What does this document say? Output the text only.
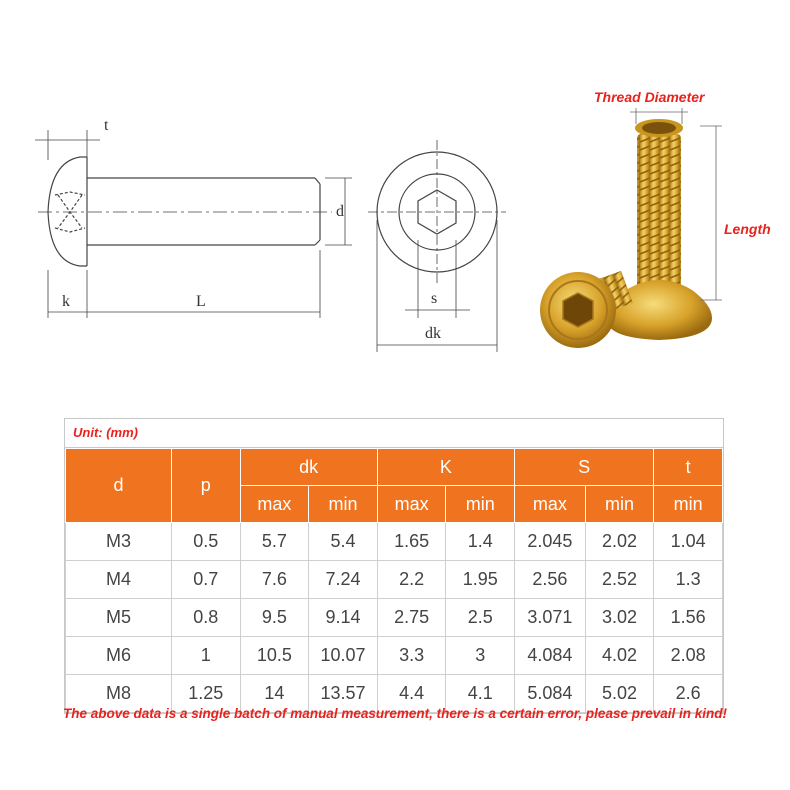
t
d
k	L	s
dk
Thread Diameter
Length
Unit: (mm)
d	p	dk		K		S		t
		max	min	max	min	max	min	min
M3	0.5	5.7	5.4	1.65	1.4	2.045	2.02	1.04
M4	0.7	7.6	7.24	2.2	1.95	2.56	2.52	1.3
M5	0.8	9.5	9.14	2.75	2.5	3.071	3.02	1.56
M6	1	10.5	10.07	3.3	3	4.084	4.02	2.08
M8	1.25	14	13.57	4.4	4.1	5.084	5.02	2.6
The above data is a single batch of manual measurement, there is a certain error, please prevail in kind!
